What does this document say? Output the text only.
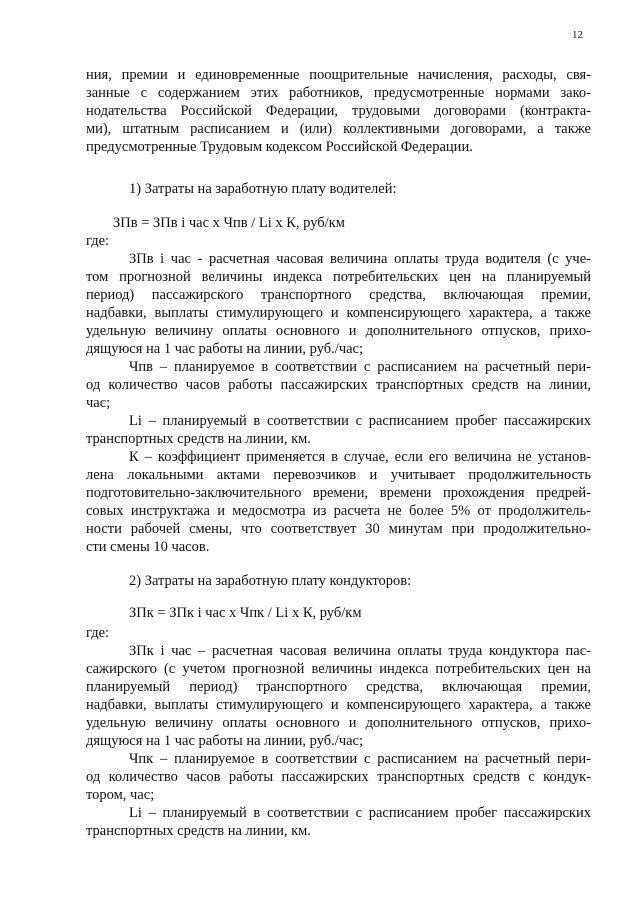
12
ния, премии и единовременные поощрительные начисления, расходы, свя-
занные с содержанием этих работников, предусмотренные нормами зако-
нодательства Российской Федерации, трудовыми договорами (контракта-
ми), штатным расписанием и (или) коллективными договорами, а также
предусмотренные Трудовым кодексом Российской Федерации.
1) Затраты на заработную плату водителей:
ЗПв = ЗПв i час х Чпв / Li х К, руб/км
где:
ЗПв i час - расчетная часовая величина оплаты труда водителя (с уче-
том прогнозной величины индекса потребительских цен на планируемый
период) пассажирского транспортного средства, включающая премии,
надбавки, выплаты стимулирующего и компенсирующего характера, а также
удельную величину оплаты основного и дополнительного отпусков, прихо-
дящуюся на 1 час работы на линии, руб./час;
Чпв – планируемое в соответствии с расписанием на расчетный пери-
од количество часов работы пассажирских транспортных средств на линии,
час;
Li – планируемый в соответствии с расписанием пробег пассажирских
транспортных средств на линии, км.
К – коэффициент применяется в случае, если его величина не установ-
лена локальными актами перевозчиков и учитывает продолжительность
подготовительно-заключительного времени, времени прохождения предрей-
совых инструктажа и медосмотра из расчета не более 5% от продолжитель-
ности рабочей смены, что соответствует 30 минутам при продолжительно-
сти смены 10 часов.
2) Затраты на заработную плату кондукторов:
ЗПк = ЗПк i час х Чпк / Li х К, руб/км
где:
ЗПк i час – расчетная часовая величина оплаты труда кондуктора пас-
сажирского (с учетом прогнозной величины индекса потребительских цен на
планируемый период) транспортного средства, включающая премии,
надбавки, выплаты стимулирующего и компенсирующего характера, а также
удельную величину оплаты основного и дополнительного отпусков, прихо-
дящуюся на 1 час работы на линии, руб./час;
Чпк – планируемое в соответствии с расписанием на расчетный пери-
од количество часов работы пассажирских транспортных средств с кондук-
тором, час;
Li – планируемый в соответствии с расписанием пробег пассажирских
транспортных средств на линии, км.
